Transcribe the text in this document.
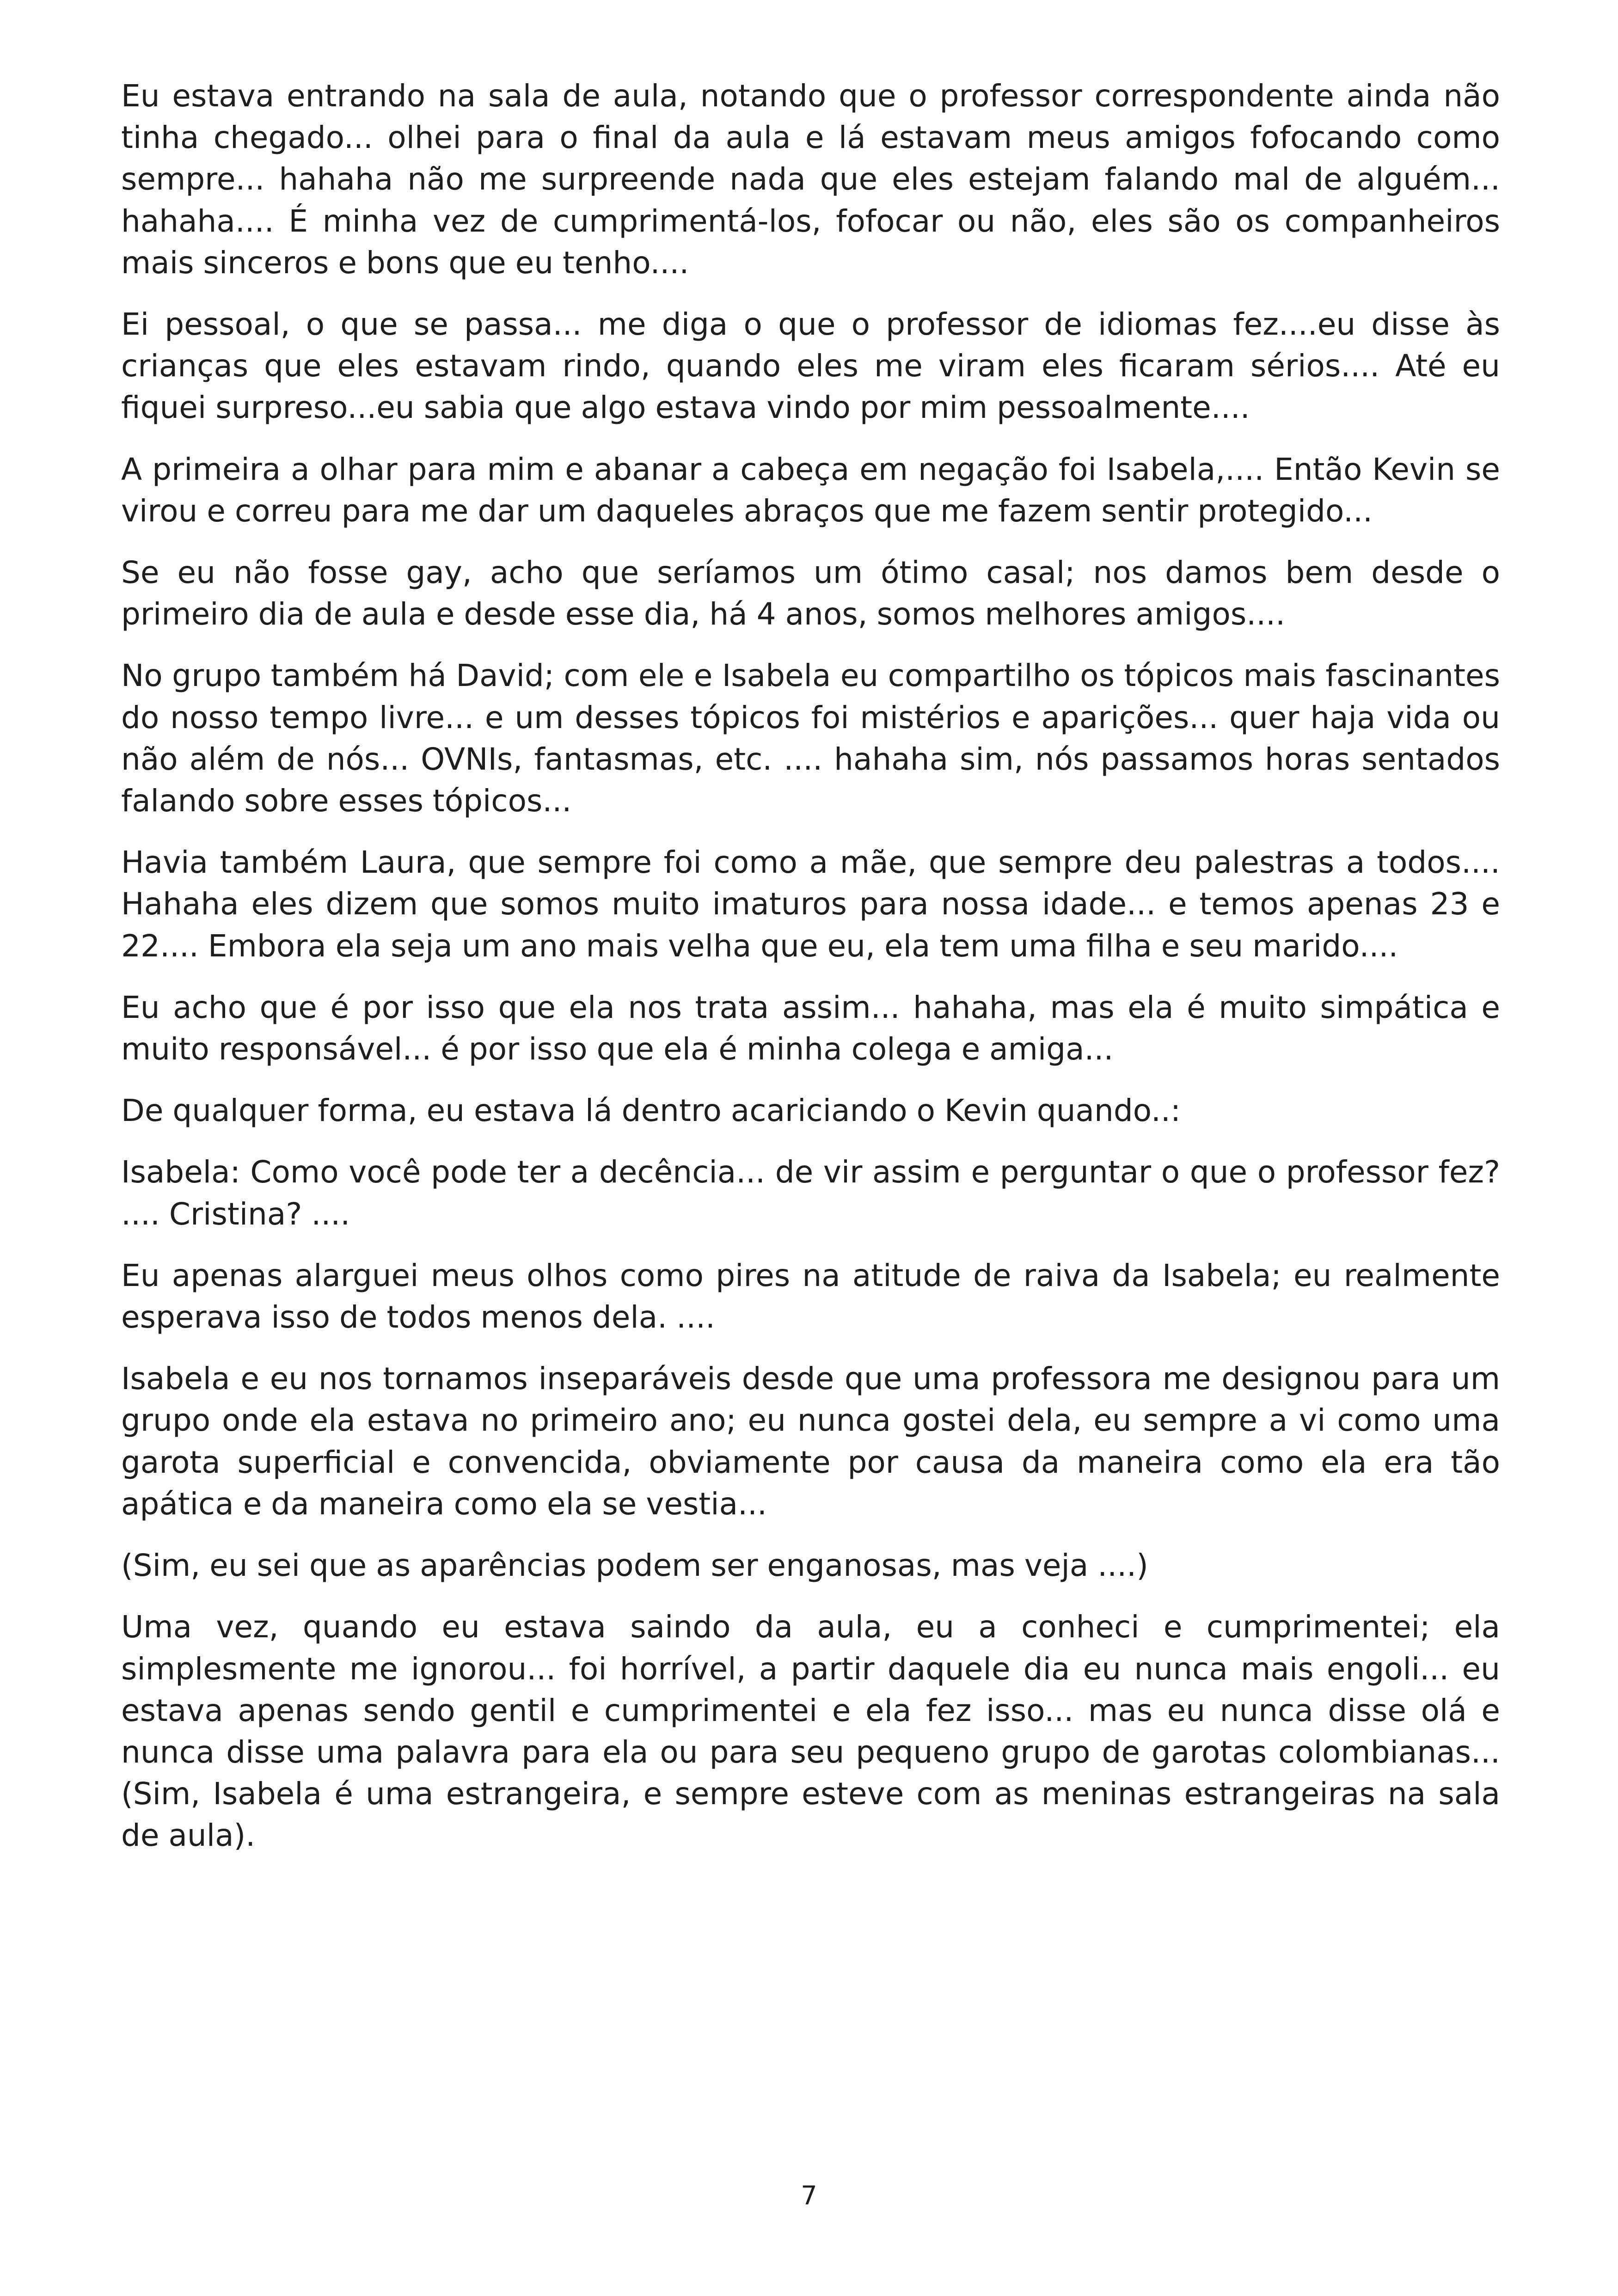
Eu estava entrando na sala de aula, notando que o professor correspondente ainda não tinha chegado... olhei para o final da aula e lá estavam meus amigos fofocando como sempre... hahaha não me surpreende nada que eles estejam falando mal de alguém... hahaha.... É minha vez de cumprimentá-los, fofocar ou não, eles são os companheiros mais sinceros e bons que eu tenho....

Ei pessoal, o que se passa... me diga o que o professor de idiomas fez....eu disse às crianças que eles estavam rindo, quando eles me viram eles ficaram sérios.... Até eu fiquei surpreso...eu sabia que algo estava vindo por mim pessoalmente....

A primeira a olhar para mim e abanar a cabeça em negação foi Isabela,.... Então Kevin se virou e correu para me dar um daqueles abraços que me fazem sentir protegido...

Se eu não fosse gay, acho que seríamos um ótimo casal; nos damos bem desde o primeiro dia de aula e desde esse dia, há 4 anos, somos melhores amigos....

No grupo também há David; com ele e Isabela eu compartilho os tópicos mais fascinantes do nosso tempo livre... e um desses tópicos foi mistérios e aparições... quer haja vida ou não além de nós... OVNIs, fantasmas, etc. .... hahaha sim, nós passamos horas sentados falando sobre esses tópicos...

Havia também Laura, que sempre foi como a mãe, que sempre deu palestras a todos.... Hahaha eles dizem que somos muito imaturos para nossa idade... e temos apenas 23 e 22.... Embora ela seja um ano mais velha que eu, ela tem uma filha e seu marido....

Eu acho que é por isso que ela nos trata assim... hahaha, mas ela é muito simpática e muito responsável... é por isso que ela é minha colega e amiga...

De qualquer forma, eu estava lá dentro acariciando o Kevin quando..:

Isabela: Como você pode ter a decência... de vir assim e perguntar o que o professor fez? .... Cristina? ....

Eu apenas alarguei meus olhos como pires na atitude de raiva da Isabela; eu realmente esperava isso de todos menos dela. ....

Isabela e eu nos tornamos inseparáveis desde que uma professora me designou para um grupo onde ela estava no primeiro ano; eu nunca gostei dela, eu sempre a vi como uma garota superficial e convencida, obviamente por causa da maneira como ela era tão apática e da maneira como ela se vestia...

(Sim, eu sei que as aparências podem ser enganosas, mas veja ....)

Uma vez, quando eu estava saindo da aula, eu a conheci e cumprimentei; ela simplesmente me ignorou... foi horrível, a partir daquele dia eu nunca mais engoli... eu estava apenas sendo gentil e cumprimentei e ela fez isso... mas eu nunca disse olá e nunca disse uma palavra para ela ou para seu pequeno grupo de garotas colombianas... (Sim, Isabela é uma estrangeira, e sempre esteve com as meninas estrangeiras na sala de aula).

7
